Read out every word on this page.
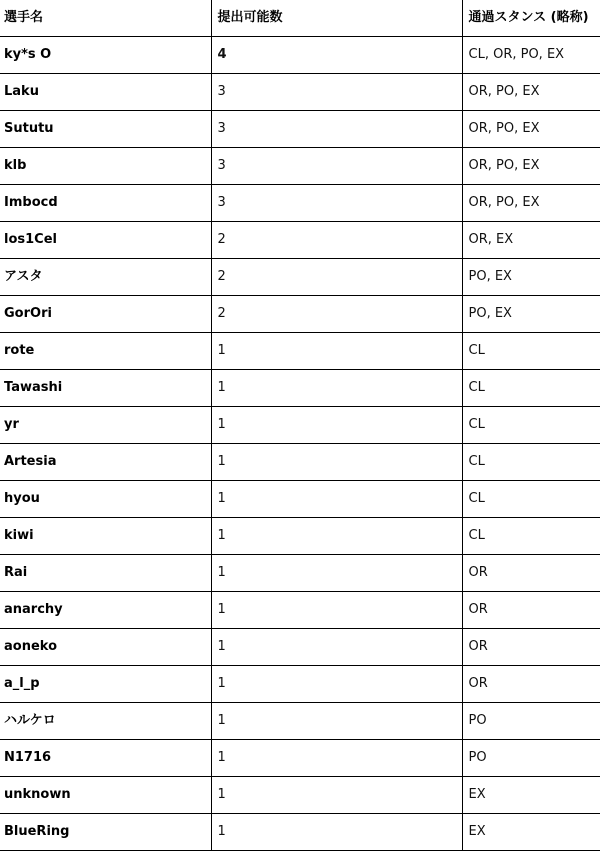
選手名	提出可能数	通過スタンス (略称)
ky*s O	4	CL, OR, PO, EX
Laku	3	OR, PO, EX
Sututu	3	OR, PO, EX
klb	3	OR, PO, EX
Imbocd	3	OR, PO, EX
los1Cel	2	OR, EX
アスタ	2	PO, EX
GorOri	2	PO, EX
rote	1	CL
Tawashi	1	CL
yr	1	CL
Artesia	1	CL
hyou	1	CL
kiwi	1	CL
Rai	1	OR
anarchy	1	OR
aoneko	1	OR
a_l_p	1	OR
ハルケロ	1	PO
N1716	1	PO
unknown	1	EX
BlueRing	1	EX
